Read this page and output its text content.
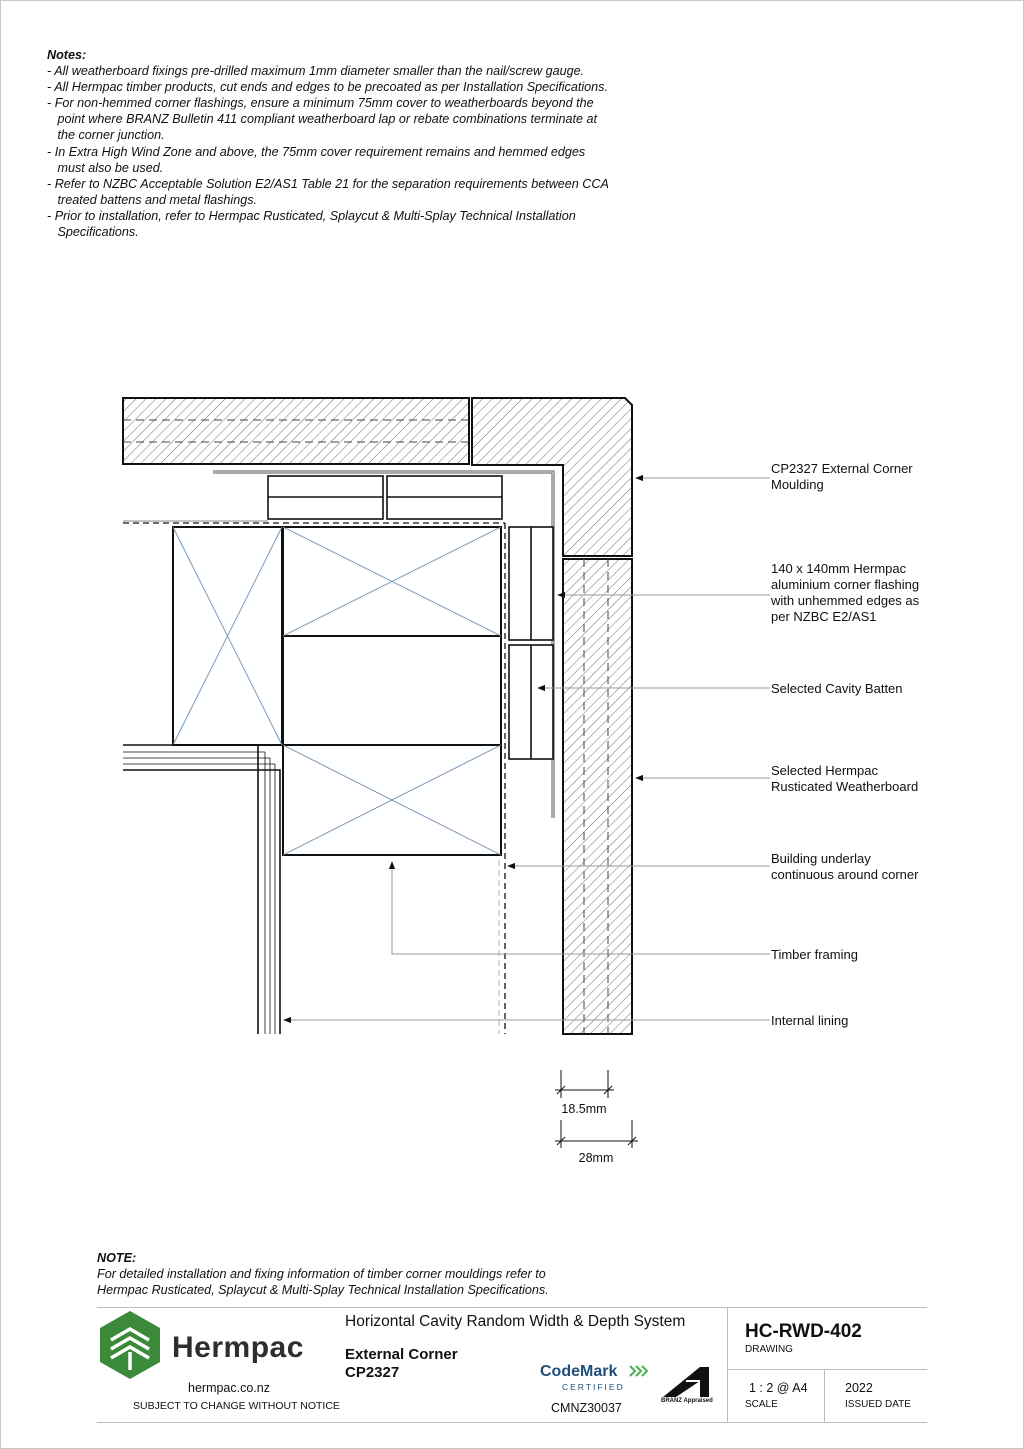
Notes:
- All weatherboard fixings pre-drilled maximum 1mm diameter smaller than the nail/screw gauge.
- All Hermpac timber products, cut ends and edges to be precoated as per Installation Specifications.
- For non-hemmed corner flashings, ensure a minimum 75mm cover to weatherboards beyond the
point where BRANZ Bulletin 411 compliant weatherboard lap or rebate combinations terminate at
the corner junction.
- In Extra High Wind Zone and above, the 75mm cover requirement remains and hemmed edges
must also be used.
- Refer to NZBC Acceptable Solution E2/AS1 Table 21 for the separation requirements between CCA
treated battens and metal flashings.
- Prior to installation, refer to Hermpac Rusticated, Splaycut & Multi-Splay Technical Installation
Specifications.
CP2327 External Corner Moulding
140 x 140mm Hermpac aluminium corner flashing with unhemmed edges as per NZBC E2/AS1
Selected Cavity Batten
Selected Hermpac Rusticated Weatherboard
Building underlay continuous around corner
Timber framing
Internal lining
18.5mm
28mm
NOTE:
For detailed installation and fixing information of timber corner mouldings refer to
Hermpac Rusticated, Splaycut & Multi-Splay Technical Installation Specifications.
Hermpac
hermpac.co.nz
SUBJECT TO CHANGE WITHOUT NOTICE
Horizontal Cavity Random Width & Depth System
External Corner
CP2327	CodeMark
CERTIFIED
CMNZ30037	BRANZ Appraised
HC-RWD-402
DRAWING
1 : 2 @ A4
SCALE
2022
ISSUED DATE
